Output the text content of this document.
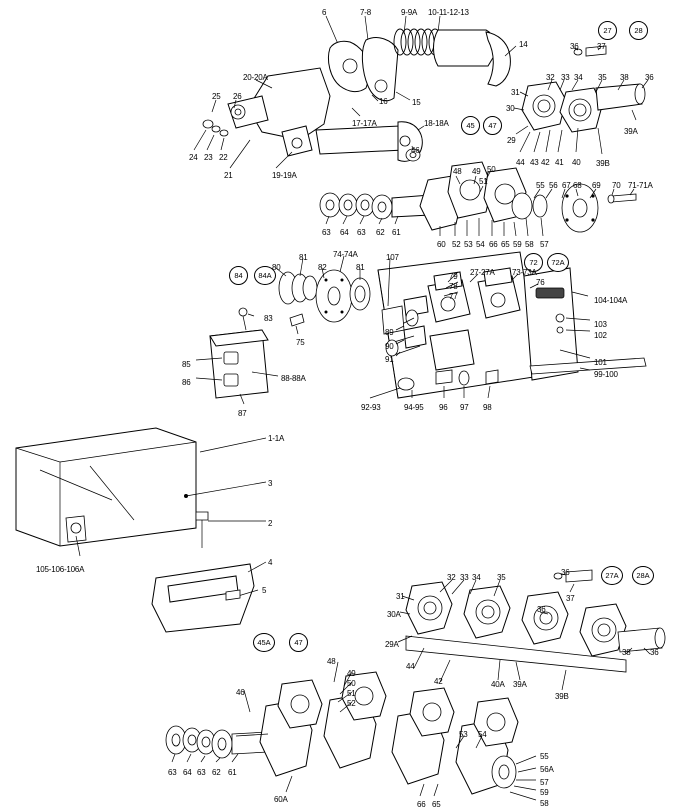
27	28
45	47
84	84A
72	72A
27A	28A
45A	47
6	7-8	9-9A 10-11-12-13
14
15
16
17-17A	18-18A
46
20-20A
25 26
24 23 22
21	19-19A
36 37
32 33 34 35 38 36
31
30
29
39A
44 43 42 41 40 39B
48 49 50
51	55 56 67 68 69 70 71-71A
63 64 63 62 61
60 52 53 54 66 65 59 58 57
81	74-74A	107
80	82	81
79
78
77
27-27A 73-73A
76
83
75
89
90
91
85
86	88-88A
87
92-93	94-95 96 97 98
104-104A
103
102
101
99-100
1-1A
3
2
4
5
105-106-106A	36
37
32 33 34 35
31
30A
29A
36
38 36
44
42	40A 39A
39B
48
49
50
51
52
46
53 54
55
56A
57
59
58
63 64 63 62 61
60A
66 65
